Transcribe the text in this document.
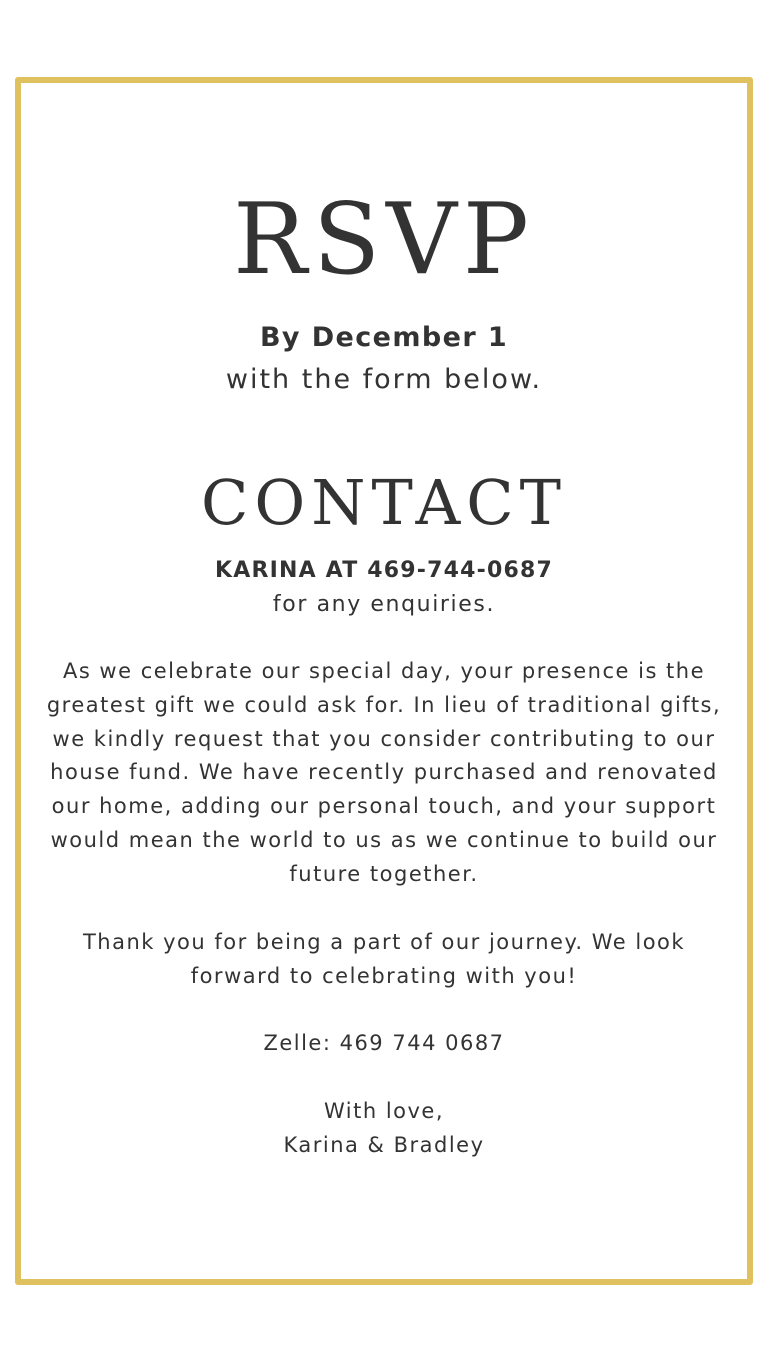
RSVP
By December 1
with the form below.
CONTACT
KARINA AT 469-744-0687
for any enquiries.

As we celebrate our special day, your presence is the greatest gift we could ask for. In lieu of traditional gifts, we kindly request that you consider contributing to our house fund. We have recently purchased and renovated our home, adding our personal touch, and your support would mean the world to us as we continue to build our future together.

Thank you for being a part of our journey. We look forward to celebrating with you!

Zelle: 469 744 0687
With love,
Karina & Bradley
